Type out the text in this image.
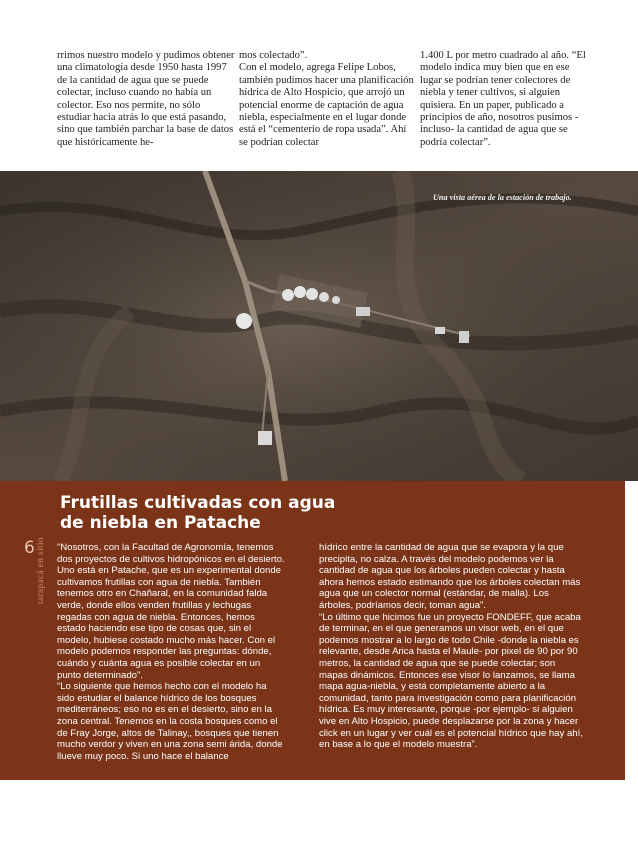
rrimos nuestro modelo y pudimos obtener una climatología desde 1950 hasta 1997 de la cantidad de agua que se puede colectar, incluso cuando no había un colector. Eso nos permite, no sólo estudiar hacia atrás lo que está pasando, sino que también parchar la base de datos que históricamente he-

mos colectado”.

Con el modelo, agrega Felipe Lobos, también pudimos hacer una planificación hídrica de Alto Hospicio, que arrojó un potencial enorme de captación de agua niebla, especialmente en el lugar donde está el “cementerio de ropa usada”. Ahí se podrían colectar

1.400 L por metro cuadrado al año. “El modelo indica muy bien que en ese lugar se podrían tener colectores de niebla y tener cultivos, si alguien quisiera. En un paper, publicado a principios de año, nosotros pusimos -incluso- la cantidad de agua que se podría colectar”.

Una vista aérea de la estación de trabajo.
Frutillas cultivadas con agua de niebla en Patache
6 tarapacá en sitio “Nosotros, con la Facultad de Agronomía, tenemos dos proyectos de cultivos hidropónicos en el desierto. Uno está en Patache, que es un experimental donde cultivamos frutillas con agua de niebla. También tenemos otro en Chañaral, en la comunidad falda verde, donde ellos venden frutillas y lechugas regadas con agua de niebla. Entonces, hemos estado haciendo ese tipo de cosas que, sin el modelo, hubiese costado mucho más hacer. Con el modelo podemos responder las preguntas: dónde, cuándo y cuánta agua es posible colectar en un punto determinado”.

“Lo siguiente que hemos hecho con el modelo ha sido estudiar el balance hídrico de los bosques mediterráneos; eso no es en el desierto, sino en la zona central. Tenemos en la costa bosques como el de Fray Jorge, altos de Talinay,, bosques que tienen mucho verdor y viven en una zona semi árida, donde llueve muy poco. Si uno hace el balance

hídrico entre la cantidad de agua que se evapora y la que precipita, no calza. A través del modelo podemos ver la cantidad de agua que los árboles pueden colectar y hasta ahora hemos estado estimando que los árboles colectan más agua que un colector normal (estándar, de malla). Los árboles, podríamos decir, toman agua”.

“Lo último que hicimos fue un proyecto FONDEFF, que acaba de terminar, en el que generamos un visor web, en el que podemos mostrar a lo largo de todo Chile -donde la niebla es relevante, desde Arica hasta el Maule- por pixel de 90 por 90 metros, la cantidad de agua que se puede colectar; son mapas dinámicos. Entonces ese visor lo lanzamos, se llama mapa agua-niebla, y está completamente abierto a la comunidad, tanto para investigación como para planificación hídrica. Es muy interesante, porque -por ejemplo- si alguien vive en Alto Hospicio, puede desplazarse por la zona y hacer click en un lugar y ver cuál es el potencial hídrico que hay ahí, en base a lo que el modelo muestra”.
